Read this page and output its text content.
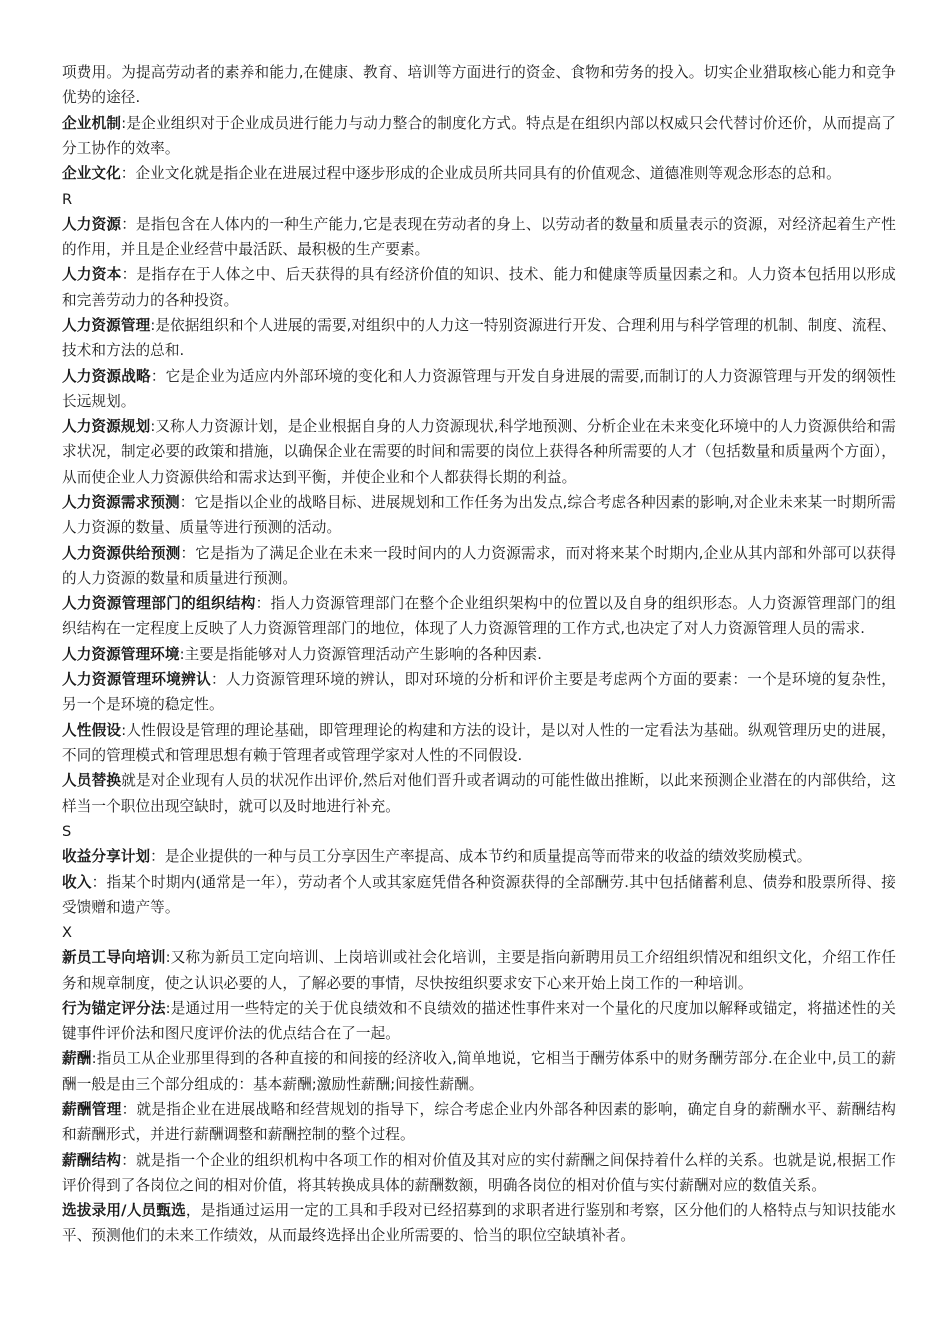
项费用。为提高劳动者的素养和能力,在健康、教育、培训等方面进行的资金、食物和劳务的投入。切实企业猎取核心能力和竞争优势的途径.
企业机制:是企业组织对于企业成员进行能力与动力整合的制度化方式。特点是在组织内部以权威只会代替讨价还价，从而提高了分工协作的效率。
企业文化：企业文化就是指企业在进展过程中逐步形成的企业成员所共同具有的价值观念、道德准则等观念形态的总和。
R
人力资源：是指包含在人体内的一种生产能力,它是表现在劳动者的身上、以劳动者的数量和质量表示的资源，对经济起着生产性的作用，并且是企业经营中最活跃、最积极的生产要素。
人力资本：是指存在于人体之中、后天获得的具有经济价值的知识、技术、能力和健康等质量因素之和。人力资本包括用以形成和完善劳动力的各种投资。
人力资源管理:是依据组织和个人进展的需要,对组织中的人力这一特别资源进行开发、合理利用与科学管理的机制、制度、流程、技术和方法的总和.
人力资源战略：它是企业为适应内外部环境的变化和人力资源管理与开发自身进展的需要,而制订的人力资源管理与开发的纲领性长远规划。
人力资源规划:又称人力资源计划，是企业根据自身的人力资源现状,科学地预测、分析企业在未来变化环境中的人力资源供给和需求状况，制定必要的政策和措施，以确保企业在需要的时间和需要的岗位上获得各种所需要的人才（包括数量和质量两个方面），从而使企业人力资源供给和需求达到平衡，并使企业和个人都获得长期的利益。
人力资源需求预测：它是指以企业的战略目标、进展规划和工作任务为出发点,综合考虑各种因素的影响,对企业未来某一时期所需人力资源的数量、质量等进行预测的活动。
人力资源供给预测：它是指为了满足企业在未来一段时间内的人力资源需求，而对将来某个时期内,企业从其内部和外部可以获得的人力资源的数量和质量进行预测。
人力资源管理部门的组织结构：指人力资源管理部门在整个企业组织架构中的位置以及自身的组织形态。人力资源管理部门的组织结构在一定程度上反映了人力资源管理部门的地位，体现了人力资源管理的工作方式,也决定了对人力资源管理人员的需求.
人力资源管理环境:主要是指能够对人力资源管理活动产生影响的各种因素.
人力资源管理环境辨认：人力资源管理环境的辨认，即对环境的分析和评价主要是考虑两个方面的要素：一个是环境的复杂性，另一个是环境的稳定性。
人性假设:人性假设是管理的理论基础，即管理理论的构建和方法的设计，是以对人性的一定看法为基础。纵观管理历史的进展，不同的管理模式和管理思想有赖于管理者或管理学家对人性的不同假设.
人员替换就是对企业现有人员的状况作出评价,然后对他们晋升或者调动的可能性做出推断，以此来预测企业潜在的内部供给，这样当一个职位出现空缺时，就可以及时地进行补充。
S
收益分享计划：是企业提供的一种与员工分享因生产率提高、成本节约和质量提高等而带来的收益的绩效奖励模式。
收入：指某个时期内(通常是一年），劳动者个人或其家庭凭借各种资源获得的全部酬劳.其中包括储蓄利息、债券和股票所得、接受馈赠和遗产等。
X
新员工导向培训:又称为新员工定向培训、上岗培训或社会化培训，主要是指向新聘用员工介绍组织情况和组织文化，介绍工作任务和规章制度，使之认识必要的人，了解必要的事情，尽快按组织要求安下心来开始上岗工作的一种培训。
行为锚定评分法:是通过用一些特定的关于优良绩效和不良绩效的描述性事件来对一个量化的尺度加以解释或锚定，将描述性的关键事件评价法和图尺度评价法的优点结合在了一起。
薪酬:指员工从企业那里得到的各种直接的和间接的经济收入,简单地说，它相当于酬劳体系中的财务酬劳部分.在企业中,员工的薪酬一般是由三个部分组成的：基本薪酬;激励性薪酬;间接性薪酬。
薪酬管理：就是指企业在进展战略和经营规划的指导下，综合考虑企业内外部各种因素的影响，确定自身的薪酬水平、薪酬结构和薪酬形式，并进行薪酬调整和薪酬控制的整个过程。
薪酬结构：就是指一个企业的组织机构中各项工作的相对价值及其对应的实付薪酬之间保持着什么样的关系。也就是说,根据工作评价得到了各岗位之间的相对价值，将其转换成具体的薪酬数额，明确各岗位的相对价值与实付薪酬对应的数值关系。
选拔录用/人员甄选，是指通过运用一定的工具和手段对已经招募到的求职者进行鉴别和考察，区分他们的人格特点与知识技能水平、预测他们的未来工作绩效，从而最终选择出企业所需要的、恰当的职位空缺填补者。
